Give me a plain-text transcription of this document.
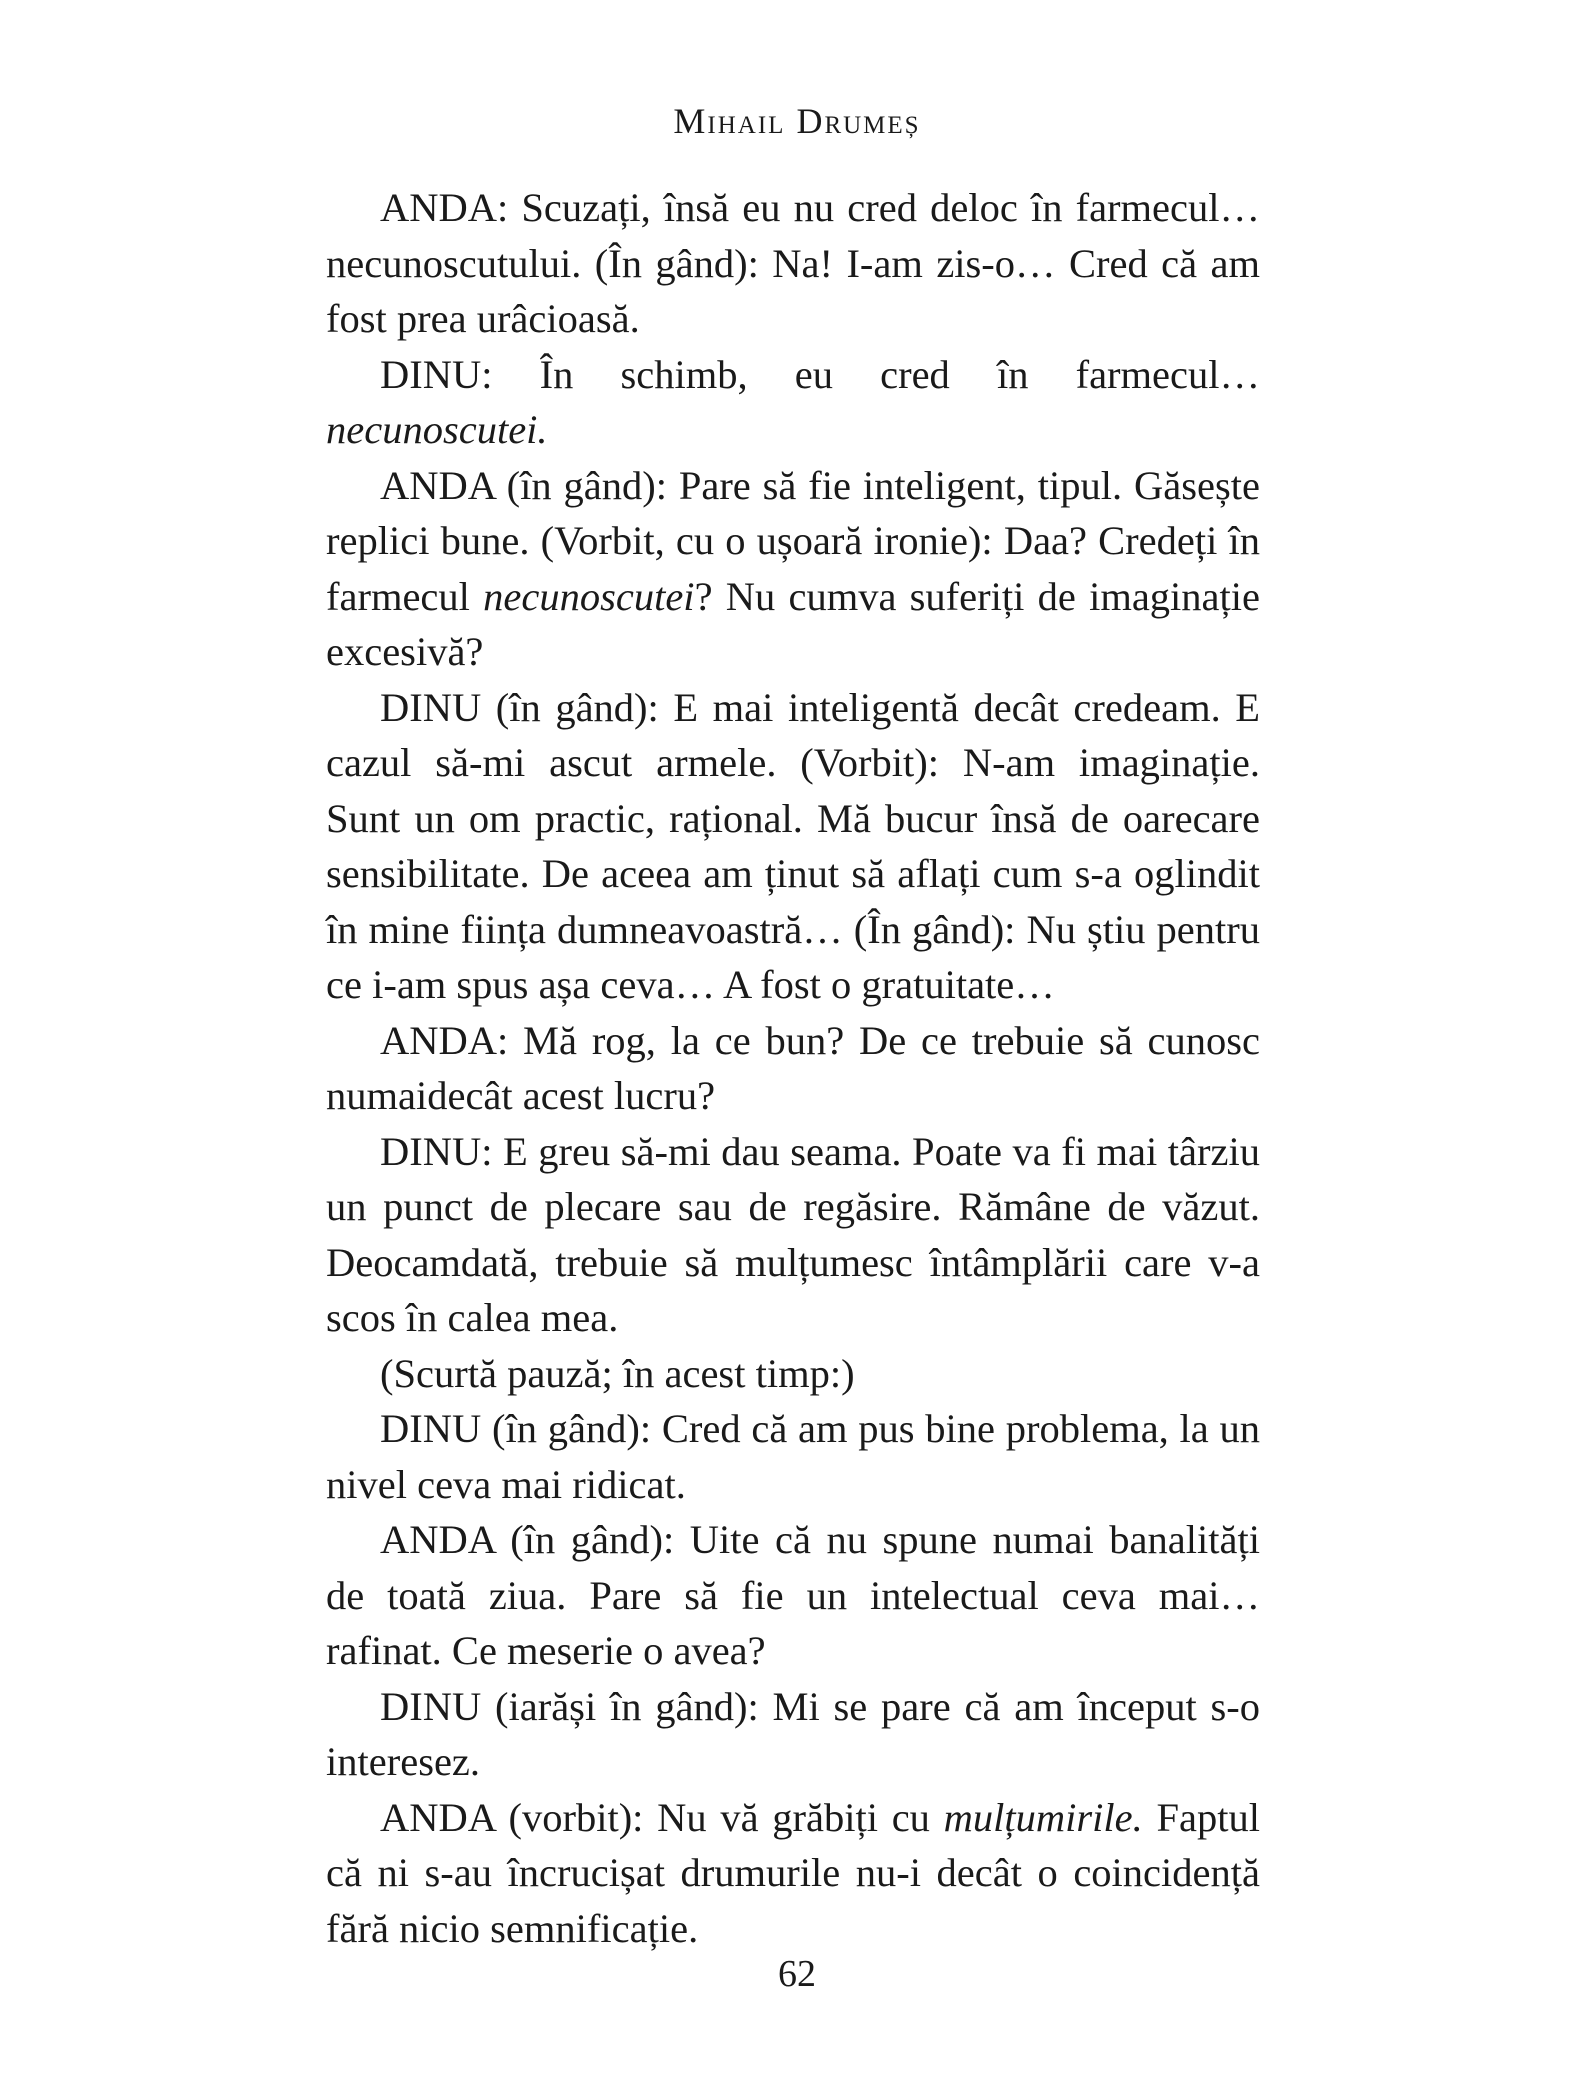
Mihail Drumeș

ANDA: Scuzați, însă eu nu cred deloc în farmecul… necunoscutului. (În gând): Na! I-am zis-o… Cred că am fost prea urâcioasă.

DINU: În schimb, eu cred în farmecul… necunoscutei.

ANDA (în gând): Pare să fie inteligent, tipul. Găsește replici bune. (Vorbit, cu o ușoară ironie): Daa? Credeți în farmecul necunoscutei? Nu cumva suferiți de imaginație excesivă?

DINU (în gând): E mai inteligentă decât credeam. E cazul să-mi ascut armele. (Vorbit): N-am imaginație. Sunt un om practic, rațional. Mă bucur însă de oarecare sensibilitate. De aceea am ținut să aflați cum s-a oglindit în mine ființa dumneavoastră… (În gând): Nu știu pentru ce i-am spus așa ceva… A fost o gratuitate…

ANDA: Mă rog, la ce bun? De ce trebuie să cunosc numaidecât acest lucru?

DINU: E greu să-mi dau seama. Poate va fi mai târziu un punct de plecare sau de regăsire. Rămâne de văzut. Deocamdată, trebuie să mulțumesc întâmplării care v-a scos în calea mea.

(Scurtă pauză; în acest timp:)

DINU (în gând): Cred că am pus bine problema, la un nivel ceva mai ridicat.

ANDA (în gând): Uite că nu spune numai banalități de toată ziua. Pare să fie un intelectual ceva mai… rafinat. Ce meserie o avea?

DINU (iarăși în gând): Mi se pare că am început s-o interesez.

ANDA (vorbit): Nu vă grăbiți cu mulțumirile. Faptul că ni s-au încrucișat drumurile nu-i decât o coincidență fără nicio semnificație.

62
